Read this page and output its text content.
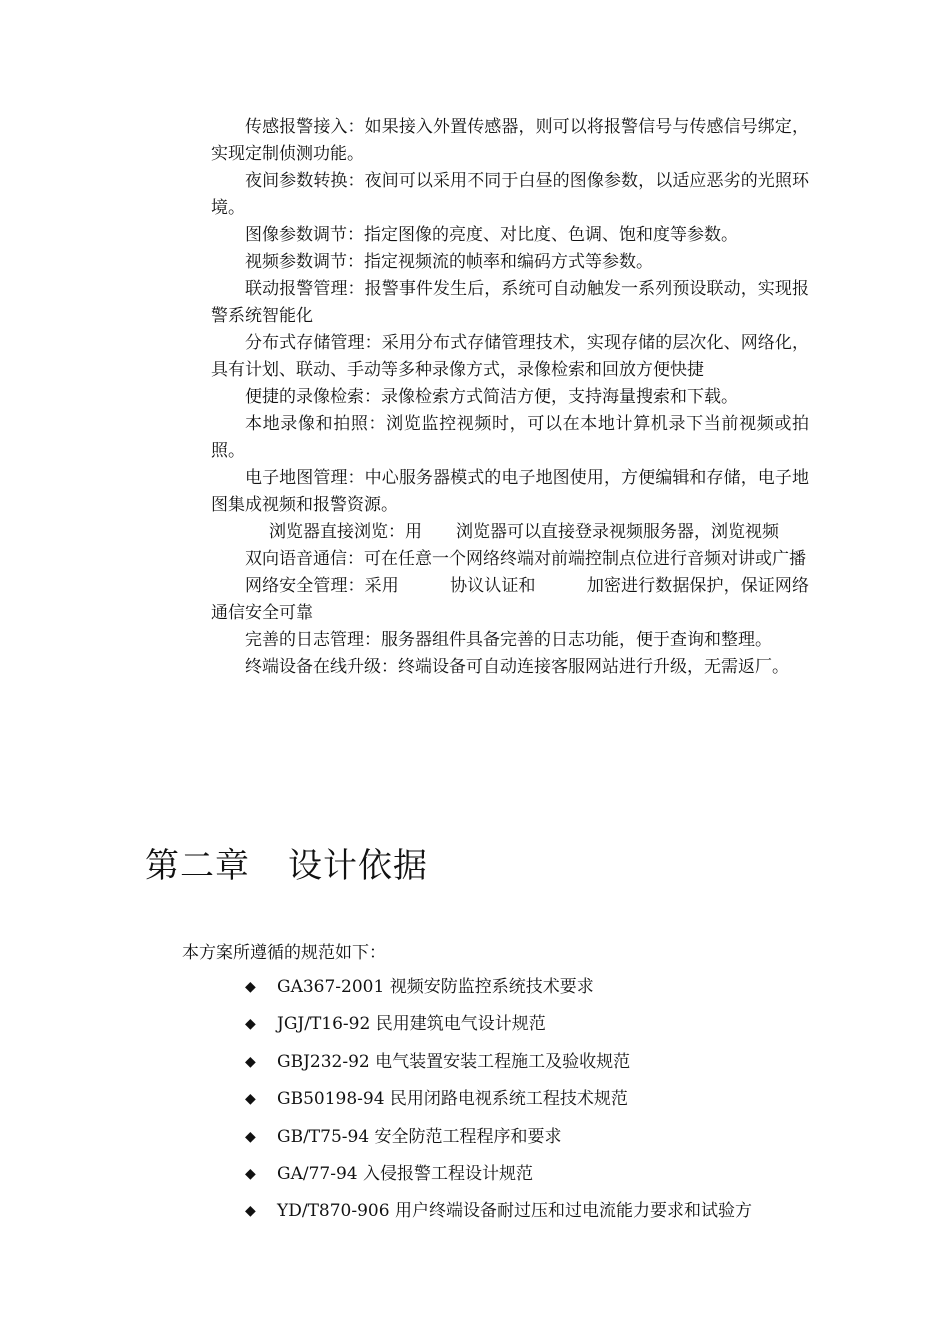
传感报警接入：如果接入外置传感器，则可以将报警信号与传感信号绑定，实现定制侦测功能。

夜间参数转换：夜间可以采用不同于白昼的图像参数，以适应恶劣的光照环境。

图像参数调节：指定图像的亮度、对比度、色调、饱和度等参数。

视频参数调节：指定视频流的帧率和编码方式等参数。

联动报警管理：报警事件发生后，系统可自动触发一系列预设联动，实现报警系统智能化

分布式存储管理：采用分布式存储管理技术，实现存储的层次化、网络化，具有计划、联动、手动等多种录像方式，录像检索和回放方便快捷

便捷的录像检索：录像检索方式简洁方便，支持海量搜索和下载。

本地录像和拍照：浏览监控视频时，可以在本地计算机录下当前视频或拍照。

电子地图管理：中心服务器模式的电子地图使用，方便编辑和存储，电子地图集成视频和报警资源。

浏览器直接浏览：用　　浏览器可以直接登录视频服务器，浏览视频

双向语音通信：可在任意一个网络终端对前端控制点位进行音频对讲或广播

网络安全管理：采用　　　协议认证和　　　加密进行数据保护，保证网络通信安全可靠

完善的日志管理：服务器组件具备完善的日志功能，便于查询和整理。

终端设备在线升级：终端设备可自动连接客服网站进行升级，无需返厂。

第二章 设计依据

本方案所遵循的规范如下：

◆ GA367-2001 视频安防监控系统技术要求
◆ JGJ/T16-92 民用建筑电气设计规范
◆ GBJ232-92 电气装置安装工程施工及验收规范
◆ GB50198-94 民用闭路电视系统工程技术规范
◆ GB/T75-94 安全防范工程程序和要求
◆ GA/77-94 入侵报警工程设计规范
◆ YD/T870-906 用户终端设备耐过压和过电流能力要求和试验方
